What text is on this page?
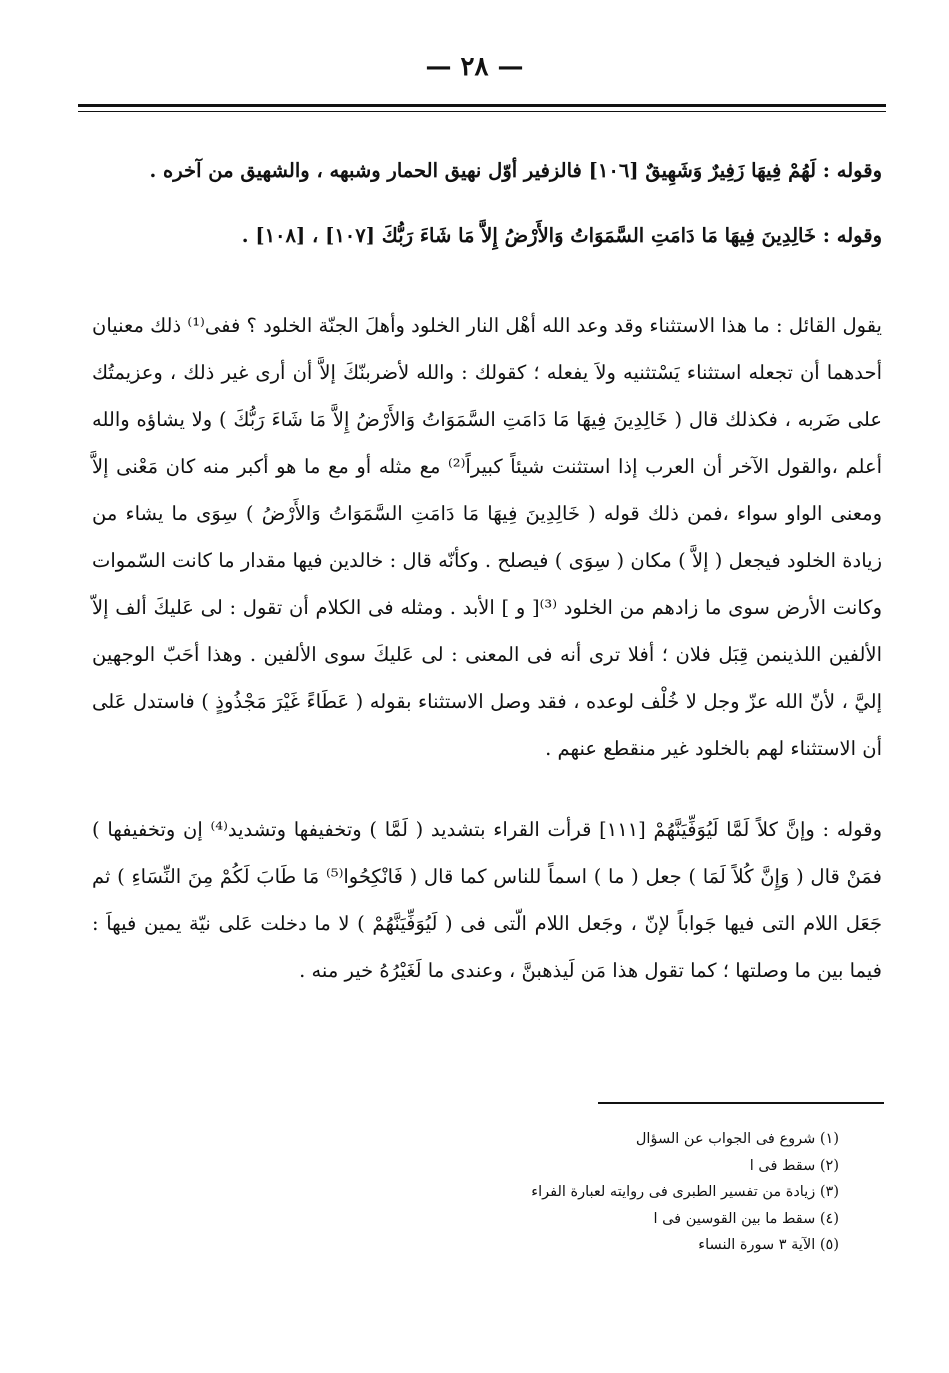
— ٢٨ —

وقوله : لَهُمْ فِيهَا زَفِيرٌ وَشَهِيقٌ [١٠٦] فالزفير أوّل نهيق الحمار وشبهه ، والشهيق من آخره .

وقوله : خَالِدِينَ فِيهَا مَا دَامَتِ السَّمَوَاتُ وَالأَرْضُ إِلاَّ مَا شَاءَ رَبُّكَ [١٠٧] ، [١٠٨] .

يقول القائل : ما هذا الاستثناء وقد وعد الله أهْل النار الخلود وأهلَ الجنّة الخلود ؟ ففى⁽¹⁾ ذلك معنيان أحدهما أن تجعله استثناء يَسْتثنيه ولاَ يفعله ؛ كقولك : والله لأضربنّكَ إلاَّ أن أرى غير ذلك ، وعزيمتُك على ضَربه ، فكذلك قال ( خَالِدِينَ فِيهَا مَا دَامَتِ السَّمَوَاتُ وَالأَرْضُ إِلاَّ مَا شَاءَ رَبُّكَ ) ولا يشاؤه والله أعلم ،والقول الآخر أن العرب إذا استثنت شيئاً كبيراً⁽²⁾ مع مثله أو مع ما هو أكبر منه كان مَعْنى إلاَّ ومعنى الواو سواء ،فمن ذلك قوله ( خَالِدِينَ فِيهَا مَا دَامَتِ السَّمَوَاتُ وَالأَرْضُ ) سِوَى ما يشاء من زيادة الخلود فيجعل ( إلاَّ ) مكان ( سِوَى ) فيصلح . وكأنّه قال : خالدين فيها مقدار ما كانت السّموات وكانت الأرض سوى ما زادهم من الخلود ⁽³⁾[ و ] الأبد . ومثله فى الكلام أن تقول : لى عَليكَ ألف إلاّ الألفين اللذينمن قِبَل فلان ؛ أفلا ترى أنه فى المعنى : لى عَليكَ سوى الألفين . وهذا أحَبّ الوجهين إليَّ ، لأنّ الله عزّ وجل لا خُلْف لوعده ، فقد وصل الاستثناء بقوله ( عَطَاءً غَيْرَ مَجْذُوذٍ ) فاستدل عَلى أن الاستثناء لهم بالخلود غير منقطع عنهم .

وقوله : وإنَّ كلاً لَمَّا لَيُوَفِّيَنَّهُمْ [١١١] قرأت القراء بتشديد ( لَمَّا ) وتخفيفها وتشديد⁽⁴⁾ إن وتخفيفها ) فمَنْ قال ( وَإِنَّ كُلاً لَمَا ) جعل ( ما ) اسماً للناس كما قال ( فَانْكِحُوا⁽⁵⁾ مَا طَابَ لَكُمْ مِنَ النِّسَاءِ ) ثم جَعَل اللام التى فيها جَواباً لإنّ ، وجَعل اللام الّتى فى ( لَيُوَفِّيَنَّهُمْ ) لا ما دخلت عَلى نيّة يمين فيهاَ : فيما بين ما وصلتها ؛ كما تقول هذا مَن لَيذهبنَّ ، وعندى ما لَغَيْرُهُ خير منه .

(١) شروع فى الجواب عن السؤال
(٢) سقط فى ا
(٣) زيادة من تفسير الطبرى فى روايته لعبارة الفراء
(٤) سقط ما بين القوسين فى ا
(٥) الآية ٣ سورة النساء
